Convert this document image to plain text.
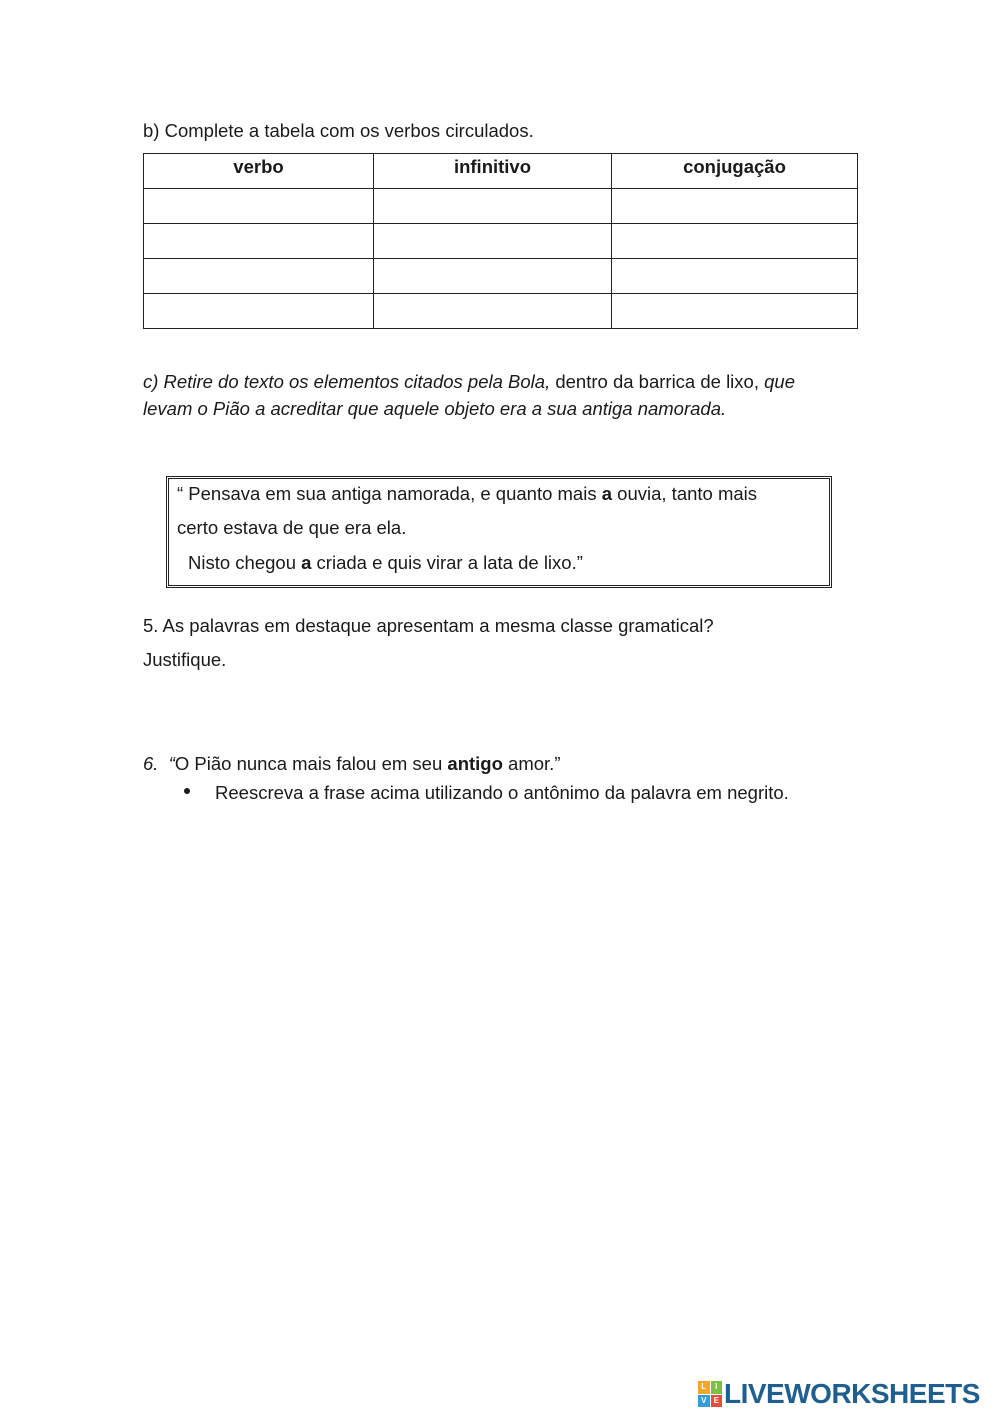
b) Complete a tabela com os verbos circulados.
verbo	infinitivo	conjugação

c) Retire do texto os elementos citados pela Bola, dentro da barrica de lixo, que
levam o Pião a acreditar que aquele objeto era a sua antiga namorada.
“ Pensava em sua antiga namorada, e quanto mais a ouvia, tanto mais
certo estava de que era ela.
Nisto chegou a criada e quis virar a lata de lixo.”
5. As palavras em destaque apresentam a mesma classe gramatical?
Justifique.
6. “O Pião nunca mais falou em seu antigo amor.”
Reescreva a frase acima utilizando o antônimo da palavra em negrito.
L	I
V E LIVEWORKSHEETS
